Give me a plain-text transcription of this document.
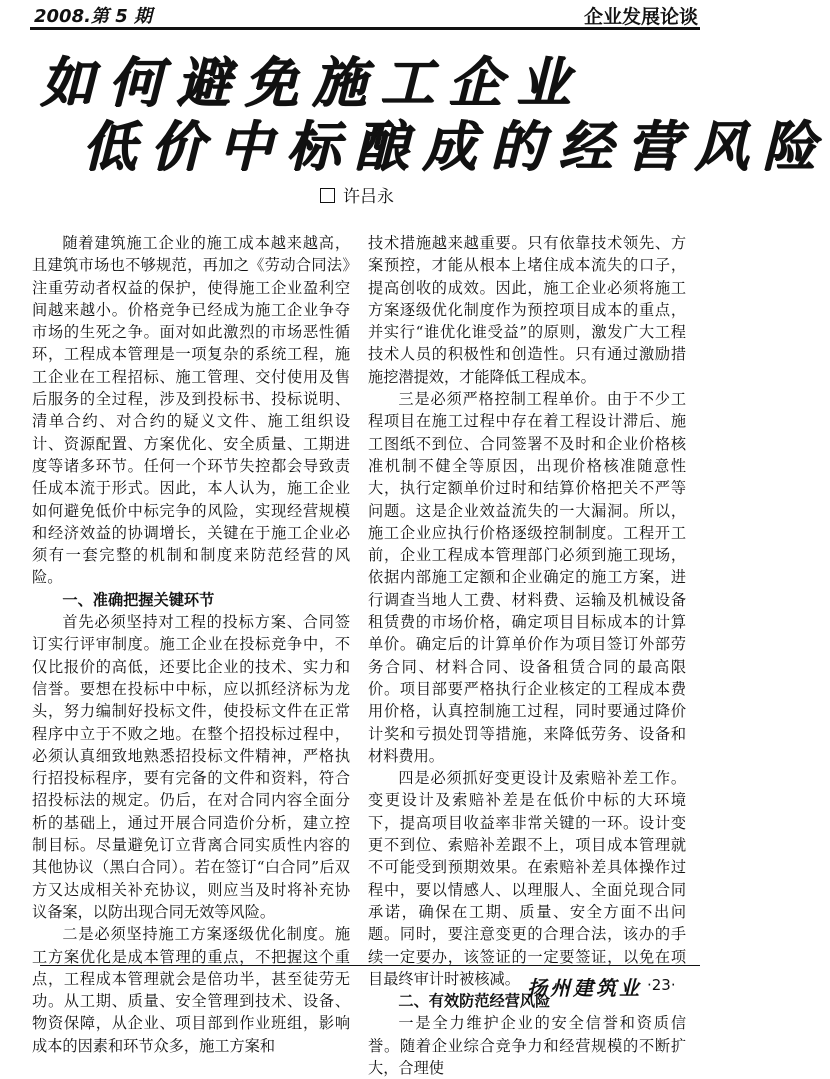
2008.第 5 期	企业发展论谈
如何避免施工企业
低价中标酿成的经营风险
许吕永

随着建筑施工企业的施工成本越来越高，且建筑市场也不够规范，再加之《劳动合同法》注重劳动者权益的保护，使得施工企业盈利空间越来越小。价格竞争已经成为施工企业争夺市场的生死之争。面对如此激烈的市场恶性循环，工程成本管理是一项复杂的系统工程，施工企业在工程招标、施工管理、交付使用及售后服务的全过程，涉及到投标书、投标说明、清单合约、对合约的疑义文件、施工组织设计、资源配置、方案优化、安全质量、工期进度等诸多环节。任何一个环节失控都会导致责任成本流于形式。因此，本人认为，施工企业如何避免低价中标完争的风险，实现经营规模和经济效益的协调增长，关键在于施工企业必须有一套完整的机制和制度来防范经营的风险。

一、准确把握关键环节

首先必须坚持对工程的投标方案、合同签订实行评审制度。施工企业在投标竞争中，不仅比报价的高低，还要比企业的技术、实力和信誉。要想在投标中中标，应以抓经济标为龙头，努力编制好投标文件，使投标文件在正常程序中立于不败之地。在整个招投标过程中，必须认真细致地熟悉招投标文件精神，严格执行招投标程序，要有完备的文件和资料，符合招投标法的规定。仍后，在对合同内容全面分析的基础上，通过开展合同造价分析，建立控制目标。尽量避免订立背离合同实质性内容的其他协议（黑白合同）。若在签订“白合同”后双方又达成相关补充协议，则应当及时将补充协议备案，以防出现合同无效等风险。

二是必须坚持施工方案逐级优化制度。施工方案优化是成本管理的重点，不把握这个重点，工程成本管理就会是倍功半，甚至徒劳无功。从工期、质量、安全管理到技术、设备、物资保障，从企业、项目部到作业班组，影响成本的因素和环节众多，施工方案和

技术措施越来越重要。只有依靠技术领先、方案预控，才能从根本上堵住成本流失的口子，提高创收的成效。因此，施工企业必须将施工方案逐级优化制度作为预控项目成本的重点，并实行“谁优化谁受益”的原则，激发广大工程技术人员的积极性和创造性。只有通过激励措施挖潜提效，才能降低工程成本。

三是必须严格控制工程单价。由于不少工程项目在施工过程中存在着工程设计滞后、施工图纸不到位、合同签署不及时和企业价格核准机制不健全等原因，出现价格核准随意性大，执行定额单价过时和结算价格把关不严等问题。这是企业效益流失的一大漏洞。所以，施工企业应执行价格逐级控制制度。工程开工前，企业工程成本管理部门必须到施工现场，依据内部施工定额和企业确定的施工方案，进行调查当地人工费、材料费、运输及机械设备租赁费的市场价格，确定项目目标成本的计算单价。确定后的计算单价作为项目签订外部劳务合同、材料合同、设备租赁合同的最高限价。项目部要严格执行企业核定的工程成本费用价格，认真控制施工过程，同时要通过降价计奖和亏损处罚等措施，来降低劳务、设备和材料费用。

四是必须抓好变更设计及索赔补差工作。变更设计及索赔补差是在低价中标的大环境下，提高项目收益率非常关键的一环。设计变更不到位、索赔补差跟不上，项目成本管理就不可能受到预期效果。在索赔补差具体操作过程中，要以情感人、以理服人、全面兑现合同承诺，确保在工期、质量、安全方面不出问题。同时，要注意变更的合理合法，该办的手续一定要办，该签证的一定要签证，以免在项目最终审计时被核减。

二、有效防范经营风险

一是全力维护企业的安全信誉和资质信誉。随着企业综合竞争力和经营规模的不断扩大，合理使

扬州建筑业 ·23·
